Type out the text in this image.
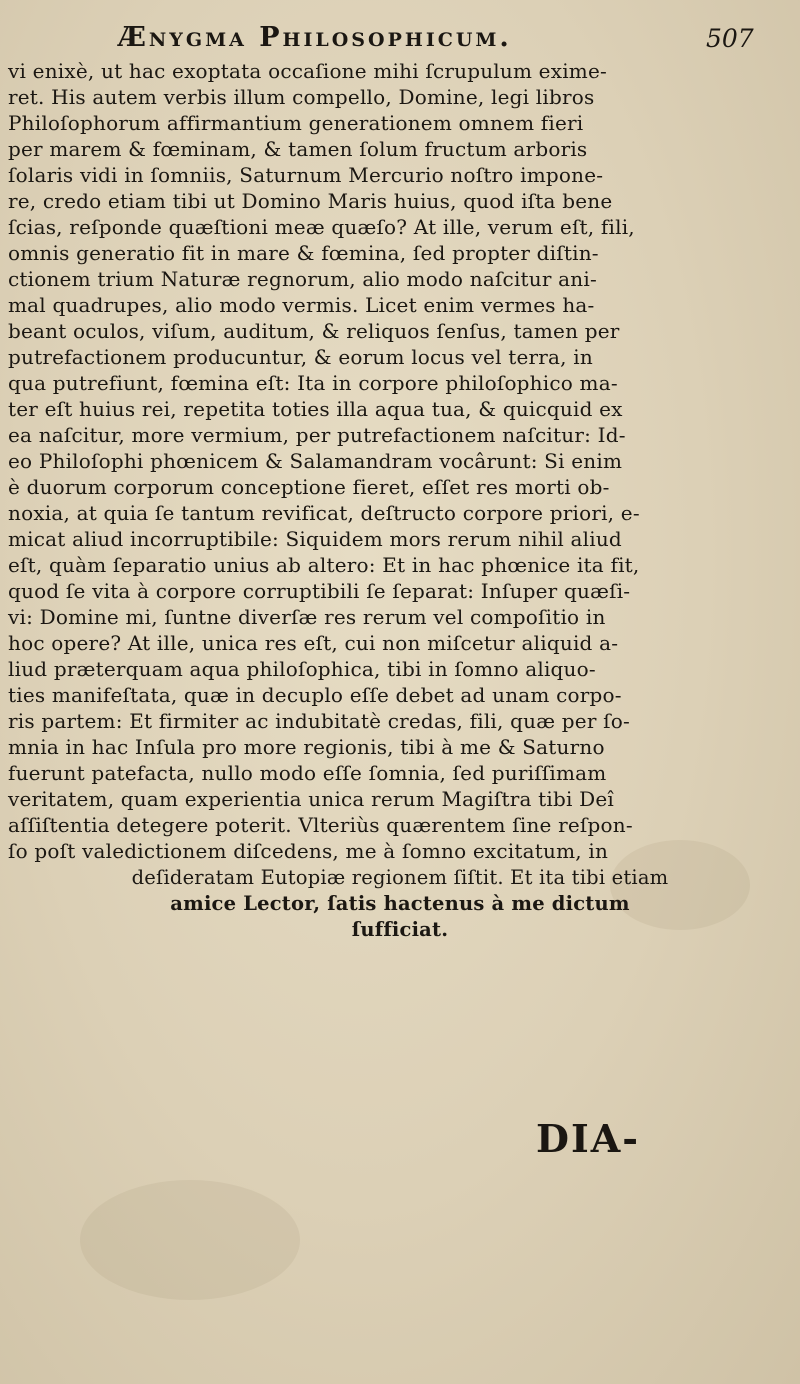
Ænygma Philosophicum.	507
vi enixè, ut hac exoptata occaſione mihi ſcrupulum exime-
ret. His autem verbis illum compello, Domine, legi libros
Philoſophorum affirmantium generationem omnem fieri
per marem & fœminam, & tamen ſolum fructum arboris
ſolaris vidi in ſomniis, Saturnum Mercurio noſtro impone-
re, credo etiam tibi ut Domino Maris huius, quod iſta bene
ſcias, reſponde quæſtioni meæ quæſo? At ille, verum eſt, fili,
omnis generatio fit in mare & fœmina, ſed propter diſtin-
ctionem trium Naturæ regnorum, alio modo naſcitur ani-
mal quadrupes, alio modo vermis. Licet enim vermes ha-
beant oculos, viſum, auditum, & reliquos ſenſus, tamen per
putrefactionem producuntur, & eorum locus vel terra, in
qua putrefiunt, fœmina eſt: Ita in corpore philoſophico ma-
ter eſt huius rei, repetita toties illa aqua tua, & quicquid ex
ea naſcitur, more vermium, per putrefactionem naſcitur: Id-
eo Philoſophi phœnicem & Salamandram vocârunt: Si enim
è duorum corporum conceptione fieret, eſſet res morti ob-
noxia, at quia ſe tantum revificat, deſtructo corpore priori, e-
micat aliud incorruptibile: Siquidem mors rerum nihil aliud
eſt, quàm ſeparatio unius ab altero: Et in hac phœnice ita fit,
quod ſe vita à corpore corruptibili ſe ſeparat: Inſuper quæſi-
vi: Domine mi, ſuntne diverſæ res rerum vel compoſitio in
hoc opere? At ille, unica res eſt, cui non miſcetur aliquid a-
liud præterquam aqua philoſophica, tibi in ſomno aliquo-
ties manifeſtata, quæ in decuplo eſſe debet ad unam corpo-
ris partem: Et firmiter ac indubitatè credas, fili, quæ per ſo-
mnia in hac Inſula pro more regionis, tibi à me & Saturno
fuerunt patefacta, nullo modo eſſe ſomnia, ſed puriſſimam
veritatem, quam experientia unica rerum Magiſtra tibi Deî
aſſiſtentia detegere poterit. Vlteriùs quærentem ſine reſpon-
ſo poſt valedictionem diſcedens, me à ſomno excitatum, in
deſideratam Eutopiæ regionem ſiſtit. Et ita tibi etiam
amice Lector, ſatis hactenus à me dictum
ſufficiat.
DIA-
